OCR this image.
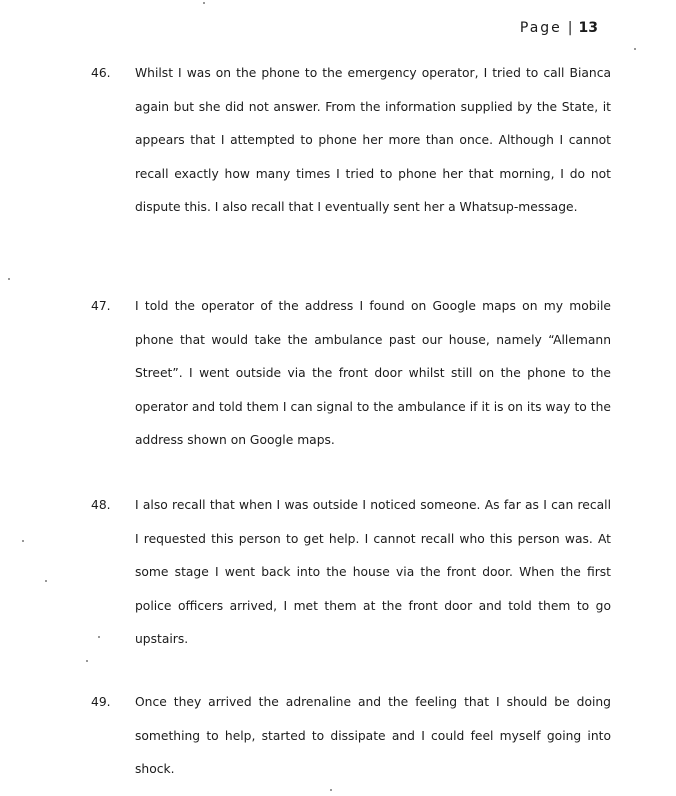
Page | 13
46.	Whilst I was on the phone to the emergency operator, I tried to call Bianca again but she did not answer. From the information supplied by the State, it appears that I attempted to phone her more than once. Although I cannot recall exactly how many times I tried to phone her that morning, I do not dispute this. I also recall that I eventually sent her a Whatsup-message.
47.	I told the operator of the address I found on Google maps on my mobile phone that would take the ambulance past our house, namely “Allemann Street”. I went outside via the front door whilst still on the phone to the operator and told them I can signal to the ambulance if it is on its way to the address shown on Google maps.
48.	I also recall that when I was outside I noticed someone. As far as I can recall I requested this person to get help. I cannot recall who this person was. At some stage I went back into the house via the front door. When the first police officers arrived, I met them at the front door and told them to go upstairs.
49.	Once they arrived the adrenaline and the feeling that I should be doing something to help, started to dissipate and I could feel myself going into shock.
